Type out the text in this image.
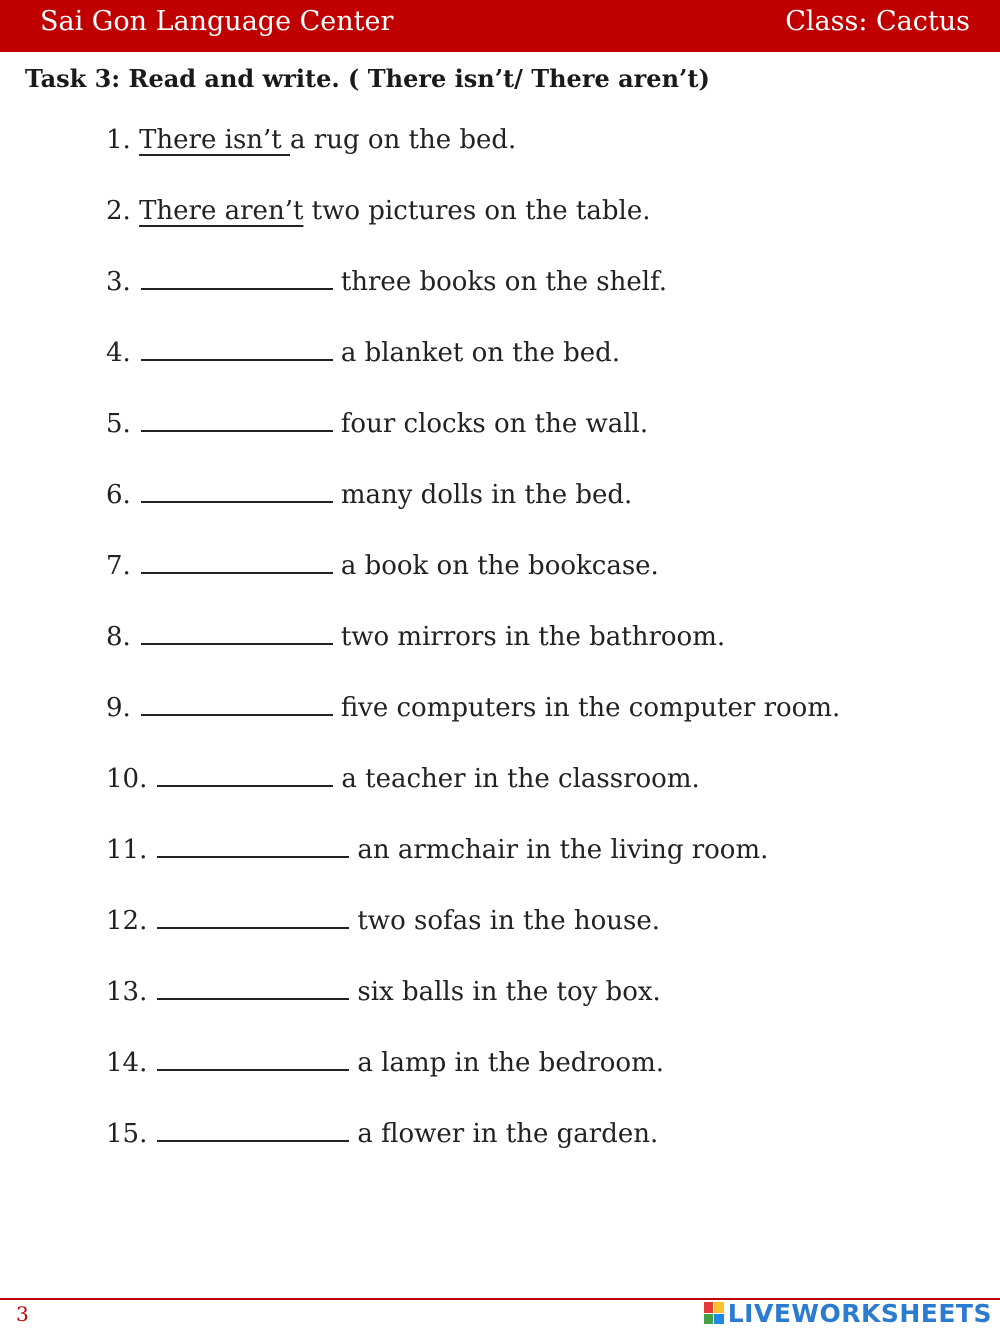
Sai Gon Language Center	Class: Cactus
Task 3: Read and write. ( There isn’t/ There aren’t)
1. There isn’t a rug on the bed.
2. There aren’t two pictures on the table.
3.	three books on the shelf.
4.	a blanket on the bed.
5.	four clocks on the wall.
6.	many dolls in the bed.
7.	a book on the bookcase.
8.	two mirrors in the bathroom.
9.	five computers in the computer room.
10.	a teacher in the classroom.
11.	an armchair in the living room.
12.	two sofas in the house.
13.	six balls in the toy box.
14.	a lamp in the bedroom.
15.	a flower in the garden.
3	LIVEWORKSHEETS
